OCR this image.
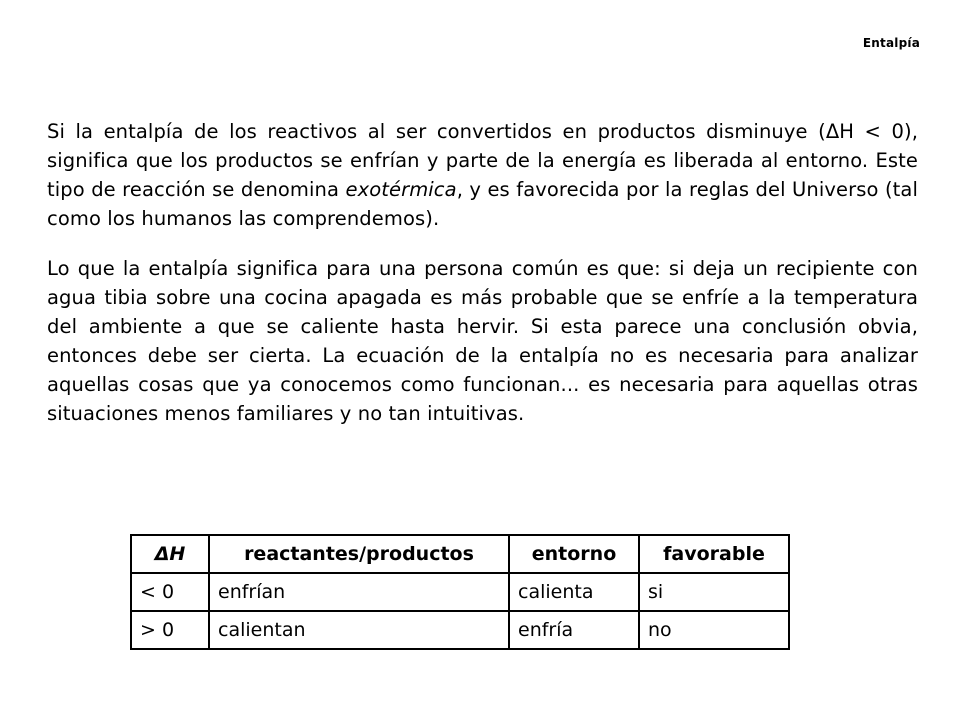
Entalpía

Si la entalpía de los reactivos al ser convertidos en productos disminuye (ΔH < 0), significa que los productos se enfrían y parte de la energía es liberada al entorno. Este tipo de reacción se denomina exotérmica, y es favorecida por la reglas del Universo (tal como los humanos las comprendemos).

Lo que la entalpía significa para una persona común es que: si deja un recipiente con agua tibia sobre una cocina apagada es más probable que se enfríe a la temperatura del ambiente a que se caliente hasta hervir. Si esta parece una conclusión obvia, entonces debe ser cierta. La ecuación de la entalpía no es necesaria para analizar aquellas cosas que ya conocemos como funcionan... es necesaria para aquellas otras situaciones menos familiares y no tan intuitivas.

ΔH	reactantes/productos	entorno	favorable
< 0	enfrían	calienta	si
> 0	calientan	enfría	no
